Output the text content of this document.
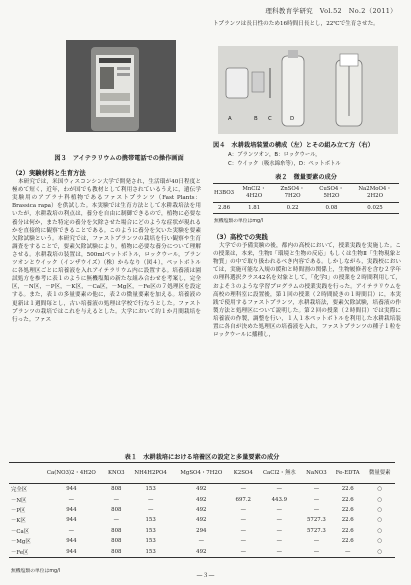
理科教育学研究　Vol.52　No.2（2011）
図３　アイテラリウムの携帯電話での操作画面
（2）実験材料と生育方法

本研究では，米国ウィスコンシン大学で開発され，生活環が40日程度と極めて短く，近年，わが国でも教材として利用されているうえに，遺伝学実験用のアブラナ科植物であるファストプランツ（Fast Plants：Brassica rapa）を供試した。本実験では生育方法として水耕栽培法を用いたが，水耕栽培の利点は，養分を自由に制御できるので，植物に必要な養分は何か，また特定の養分を欠除させた場合にどのような症状が現れるかを直接的に観察できることである。このように養分を欠いた実験を要素欠除試験という。本研究では，ファストプランツの栽培を行い観察や生育調査をすることで，要素欠除試験により，植物に必要な養分について理解させる。水耕栽培の装置は，500mlペットボトル，ロックウール，ブランツオンとウイック（インザウイズ）（株）からなり（図４），ペットボトルに各処理区ごとに培養液を入れアイテラリウム内に設置する。培養液は園試処方を参考に表１のように無機塩類の新たな組み合わせを考案し，完全区，－N区，－P区，－K区，－Ca区，－Mg区，－Fe区の７処理区を設定する。また，表１の多量要素の他に，表２の微量要素を加える。培養液の更新は１週間毎とし，古い培養液の処理は学校で行なうとした。ファストプランツの栽培ではこれを与えるとした。大学において約１か月間栽培を行った。ファス

トプランツは長日性のため16時間日長とし，22℃で生育させた。
A	B C	D
図４　水耕栽培装置の構成（左）とその組み立て方（右）
A：ブランツオン，B：ロックウール，
C：ウイック（吸水綿糸等），D：ペットボトル
表２　微量要素の成分
H3BO3	MnCl2・4H2O	ZnSO4・7H2O	CuSO4・5H2O	Na2MoO4・2H2O
2.86	1.81	0.22	0.08	0.025
無機塩類の単位はmg/l
（3）高校での実践

大学での予備実験の後，都内の高校において，授業実践を実施した。この授業は，本来，生物Ⅰ「環境と生物の反応」もしくは生物Ⅱ「生物現象と物質」の中で取り扱われるべき内容である。しかしながら，実践校においては，実施可能な入規の緩和と時間割の関係上，生物履修者を含む２学年の理科選択クラス42名を対象として，「化学Ⅰ」の授業を２時間利用して，およそ３のような学習プログラムの授業実践を行った。アイテラリウムを高校の理科室に設置後，第１回の授業（２時間続きの１時間目）に，本実践で使用するファストプランツ，水耕栽培法，要素欠除試験，培養液の作製方法と処理区について説明した。第２回の授業（２時間目）では実際に培養液の作製，調整を行い，１人１本ペットボトルを利用した水耕栽培装置に各自が決めた処理区の培養液を入れ，ファストプランツの種子１粒をロックウールに播種し，

表１　水耕栽培における培養区の設定と多量要素の成分
	Ca(NO3)2・4H2O	KNO3	NH4H2PO4	MgSO4・7H2O	K2SO4	CaCl2・無水	NaNO3	Fe-EDTA	微量要素
完全区	944	808	153	492	—	—	—	22.6	○
－N区	—	—	—	492	697.2	443.9	—	22.6	○
－P区	944	808	—	492	—	—	—	22.6	○
－K区	944	—	153	492	—	—	5727.3	22.6	○
－Ca区	—	808	153	294	—	—	5727.3	22.6	○
－Mg区	944	808	153	—	—	—	—	22.6	○
－Fe区	944	808	153	492	—	—	—	—	○
無機塩類の単位はmg/l
—３—
